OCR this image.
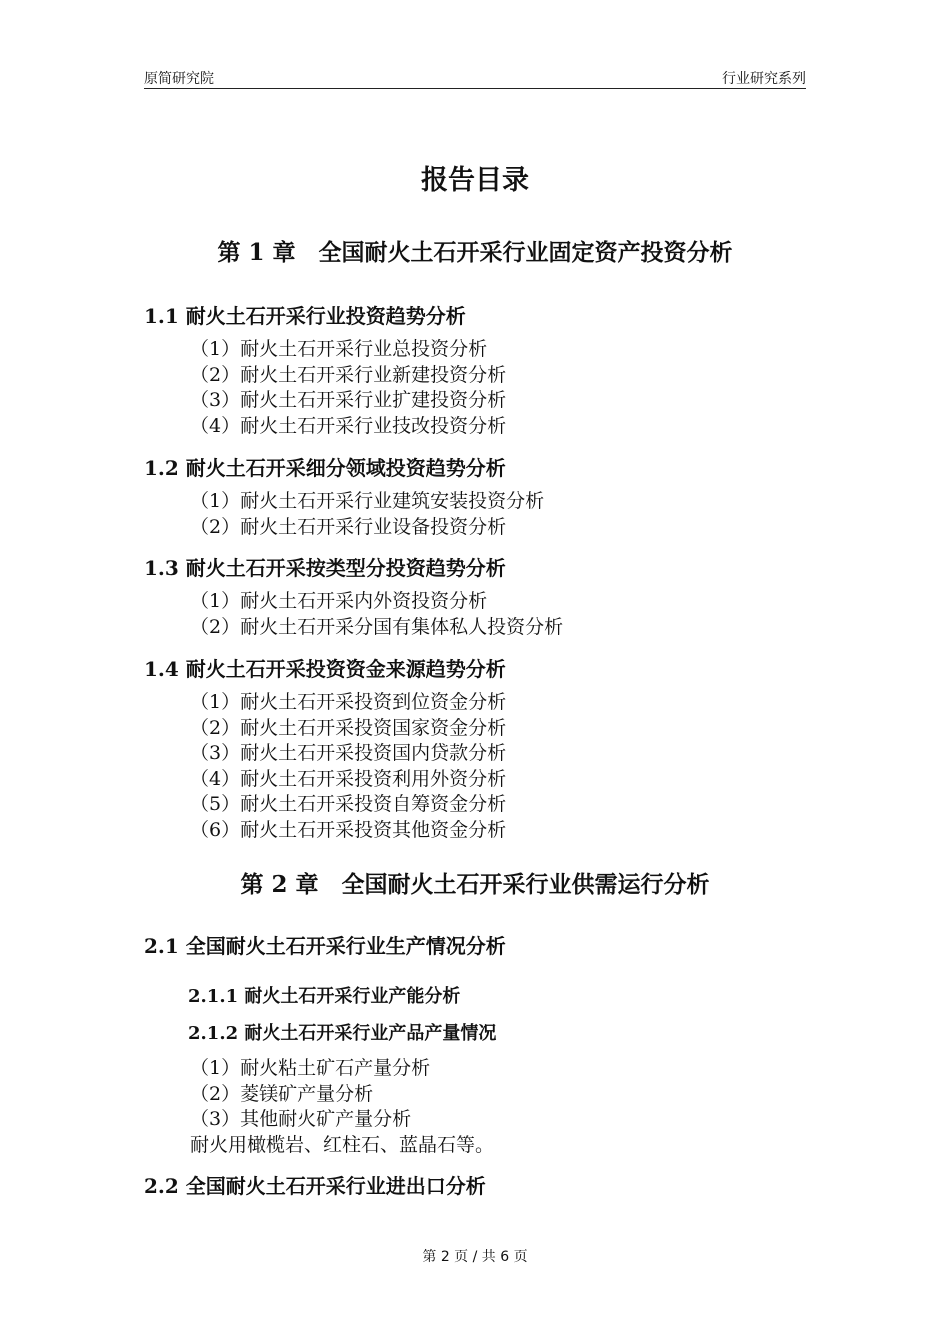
原简研究院	行业研究系列
报告目录
第 1 章　全国耐火土石开采行业固定资产投资分析
1.1 耐火土石开采行业投资趋势分析
（1）耐火土石开采行业总投资分析
（2）耐火土石开采行业新建投资分析
（3）耐火土石开采行业扩建投资分析
（4）耐火土石开采行业技改投资分析
1.2 耐火土石开采细分领域投资趋势分析
（1）耐火土石开采行业建筑安装投资分析
（2）耐火土石开采行业设备投资分析
1.3 耐火土石开采按类型分投资趋势分析
（1）耐火土石开采内外资投资分析
（2）耐火土石开采分国有集体私人投资分析
1.4 耐火土石开采投资资金来源趋势分析
（1）耐火土石开采投资到位资金分析
（2）耐火土石开采投资国家资金分析
（3）耐火土石开采投资国内贷款分析
（4）耐火土石开采投资利用外资分析
（5）耐火土石开采投资自筹资金分析
（6）耐火土石开采投资其他资金分析
第 2 章　全国耐火土石开采行业供需运行分析
2.1 全国耐火土石开采行业生产情况分析
2.1.1 耐火土石开采行业产能分析
2.1.2 耐火土石开采行业产品产量情况
（1）耐火粘土矿石产量分析
（2）菱镁矿产量分析
（3）其他耐火矿产量分析
耐火用橄榄岩、红柱石、蓝晶石等。
2.2 全国耐火土石开采行业进出口分析
第 2 页 / 共 6 页
